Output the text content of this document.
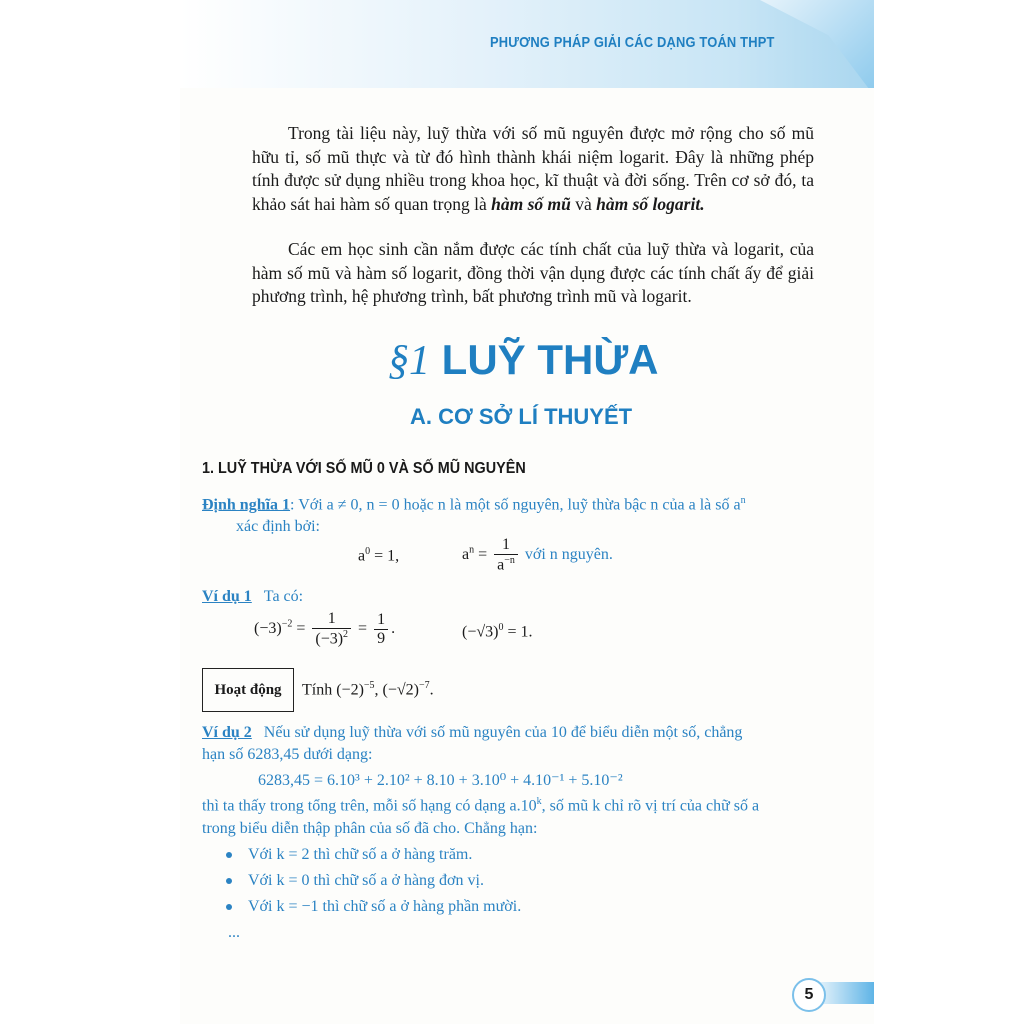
PHƯƠNG PHÁP GIẢI CÁC DẠNG TOÁN THPT

Trong tài liệu này, luỹ thừa với số mũ nguyên được mở rộng cho số mũ hữu tỉ, số mũ thực và từ đó hình thành khái niệm logarit. Đây là những phép tính được sử dụng nhiều trong khoa học, kĩ thuật và đời sống. Trên cơ sở đó, ta khảo sát hai hàm số quan trọng là hàm số mũ và hàm số logarit.

Các em học sinh cần nắm được các tính chất của luỹ thừa và logarit, của hàm số mũ và hàm số logarit, đồng thời vận dụng được các tính chất ấy để giải phương trình, hệ phương trình, bất phương trình mũ và logarit.

§1 LUỸ THỪA
A. CƠ SỞ LÍ THUYẾT
1. LUỸ THỪA VỚI SỐ MŨ 0 VÀ SỐ MŨ NGUYÊN
Định nghĩa 1: Với a ≠ 0, n = 0 hoặc n là một số nguyên, luỹ thừa bậc n của a là số $a^n$
xác định bởi:
$a^0 = 1$,	$a^n = \frac{1}{a^{-n}}$ với n nguyên.
Ví dụ 1 Ta có:
$(-3)^{-2} = \frac{1}{(-3)^2} = \frac{1}{9}$ .	$(-√3)^0 = 1$.
Hoạt động	Tính $(-2)^{-5}$, $(-√2)^{-7}$.
Ví dụ 2 Nếu sử dụng luỹ thừa với số mũ nguyên của 10 để biểu diễn một số, chẳng
hạn số 6283,45 dưới dạng:
6283,45 = 6.10³ + 2.10² + 8.10 + 3.10⁰ + 4.10⁻¹ + 5.10⁻²
thì ta thấy trong tổng trên, mỗi số hạng có dạng a.10$^k$, số mũ k chỉ rõ vị trí của chữ số a
trong biểu diễn thập phân của số đã cho. Chẳng hạn:
Với k = 2 thì chữ số a ở hàng trăm.
Với k = 0 thì chữ số a ở hàng đơn vị.
Với k = −1 thì chữ số a ở hàng phần mười.
...
5
